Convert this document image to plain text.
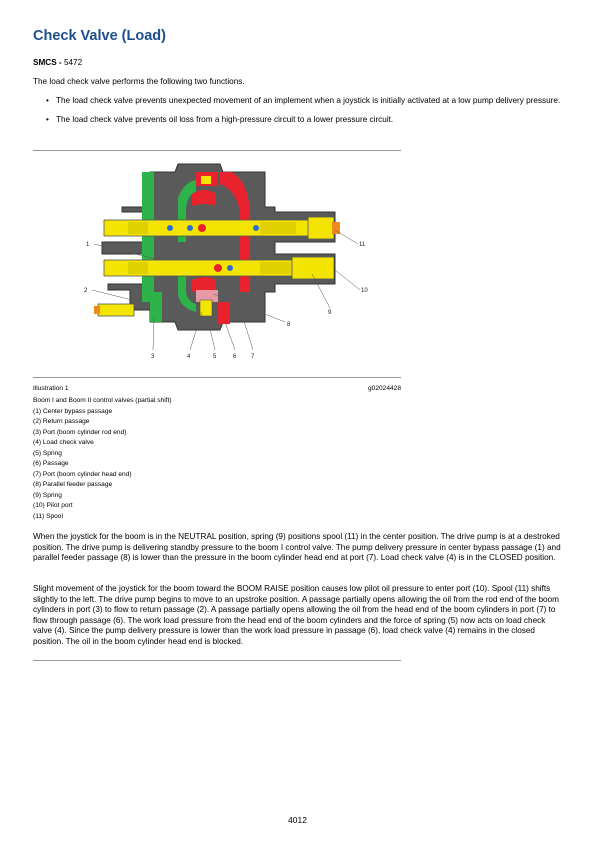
Check Valve (Load)
SMCS - 5472
The load check valve performs the following two functions.
• The load check valve prevents unexpected movement of an implement when a joystick is initially activated at a low pump delivery pressure.
• The load check valve prevents oil loss from a high-pressure circuit to a lower pressure circuit.
1
2
3	4	5	6 7
8
9
10
11
Illustration 1	g02024428
Boom I and Boom II control valves (partial shift)
(1) Center bypass passage
(2) Return passage
(3) Port (boom cylinder rod end)
(4) Load check valve
(5) Spring
(6) Passage
(7) Port (boom cylinder head end)
(8) Parallel feeder passage
(9) Spring
(10) Pilot port
(11) Spool
When the joystick for the boom is in the NEUTRAL position, spring (9) positions spool (11) in the center position. The drive pump is at a destroked position. The drive pump is delivering standby pressure to the boom I control valve. The pump delivery pressure in center bypass passage (1) and parallel feeder passage (8) is lower than the pressure in the boom cylinder head end at port (7). Load check valve (4) is in the CLOSED position.
Slight movement of the joystick for the boom toward the BOOM RAISE position causes low pilot oil pressure to enter port (10). Spool (11) shifts slightly to the left. The drive pump begins to move to an upstroke position. A passage partially opens allowing the oil from the rod end of the boom cylinders in port (3) to flow to return passage (2). A passage partially opens allowing the oil from the head end of the boom cylinders in port (7) to flow through passage (6). The work load pressure from the head end of the boom cylinders and the force of spring (5) now acts on load check valve (4). Since the pump delivery pressure is lower than the work load pressure in passage (6), load check valve (4) remains in the closed position. The oil in the boom cylinder head end is blocked.
4012
